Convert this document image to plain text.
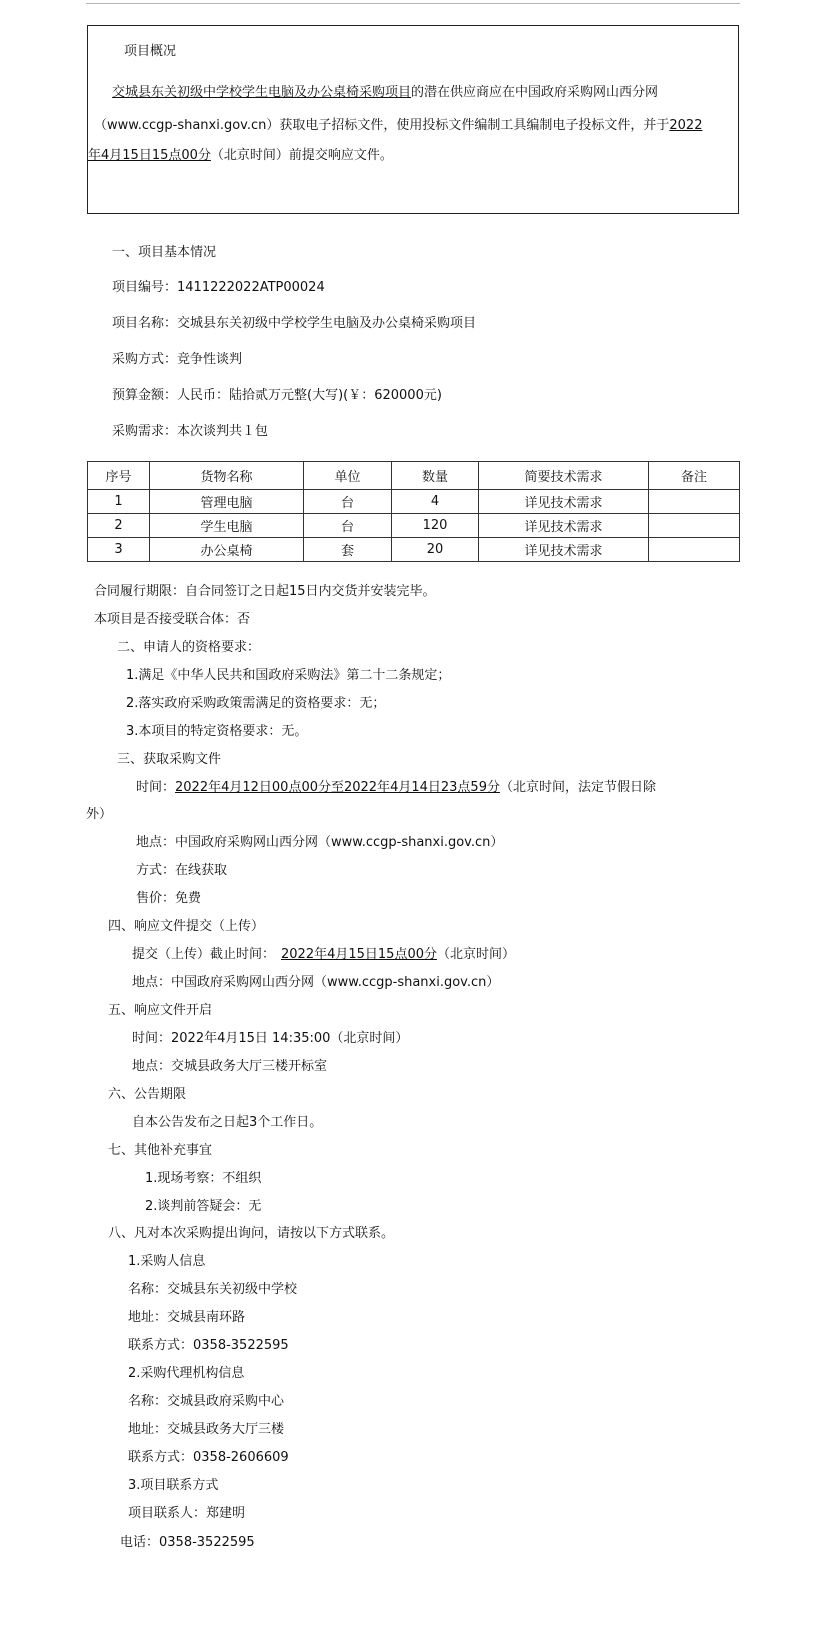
项目概况
交城县东关初级中学校学生电脑及办公桌椅采购项目的潜在供应商应在中国政府采购网山西分网
（www.ccgp-shanxi.gov.cn）获取电子招标文件，使用投标文件编制工具编制电子投标文件，并于2022
年4月15日15点00分（北京时间）前提交响应文件。
一、项目基本情况
项目编号：1411222022ATP00024
项目名称：交城县东关初级中学校学生电脑及办公桌椅采购项目
采购方式：竞争性谈判
预算金额：人民币：陆拾贰万元整(大写)(￥：620000元)
采购需求：本次谈判共１包
序号	货物名称	单位	数量	简要技术需求	备注
1	管理电脑	台	4	详见技术需求	
2	学生电脑	台	120	详见技术需求	
3	办公桌椅	套	20	详见技术需求	
合同履行期限：自合同签订之日起15日内交货并安装完毕。
本项目是否接受联合体：否
二、申请人的资格要求：
1.满足《中华人民共和国政府采购法》第二十二条规定；
2.落实政府采购政策需满足的资格要求：无；
3.本项目的特定资格要求：无。
三、获取采购文件
时间：2022年4月12日00点00分至2022年4月14日23点59分（北京时间，法定节假日除
外）
地点：中国政府采购网山西分网（www.ccgp-shanxi.gov.cn）
方式：在线获取
售价：免费
四、响应文件提交（上传）
提交（上传）截止时间： 2022年4月15日15点00分（北京时间）
地点：中国政府采购网山西分网（www.ccgp-shanxi.gov.cn）
五、响应文件开启
时间：2022年4月15日 14:35:00（北京时间）
地点：交城县政务大厅三楼开标室
六、公告期限
自本公告发布之日起3个工作日。
七、其他补充事宜
1.现场考察：不组织
2.谈判前答疑会：无
八、凡对本次采购提出询问，请按以下方式联系。
1.采购人信息
名称：交城县东关初级中学校
地址：交城县南环路
联系方式：0358-3522595
2.采购代理机构信息
名称：交城县政府采购中心
地址：交城县政务大厅三楼
联系方式：0358-2606609
3.项目联系方式
项目联系人：郑建明
电话：0358-3522595
